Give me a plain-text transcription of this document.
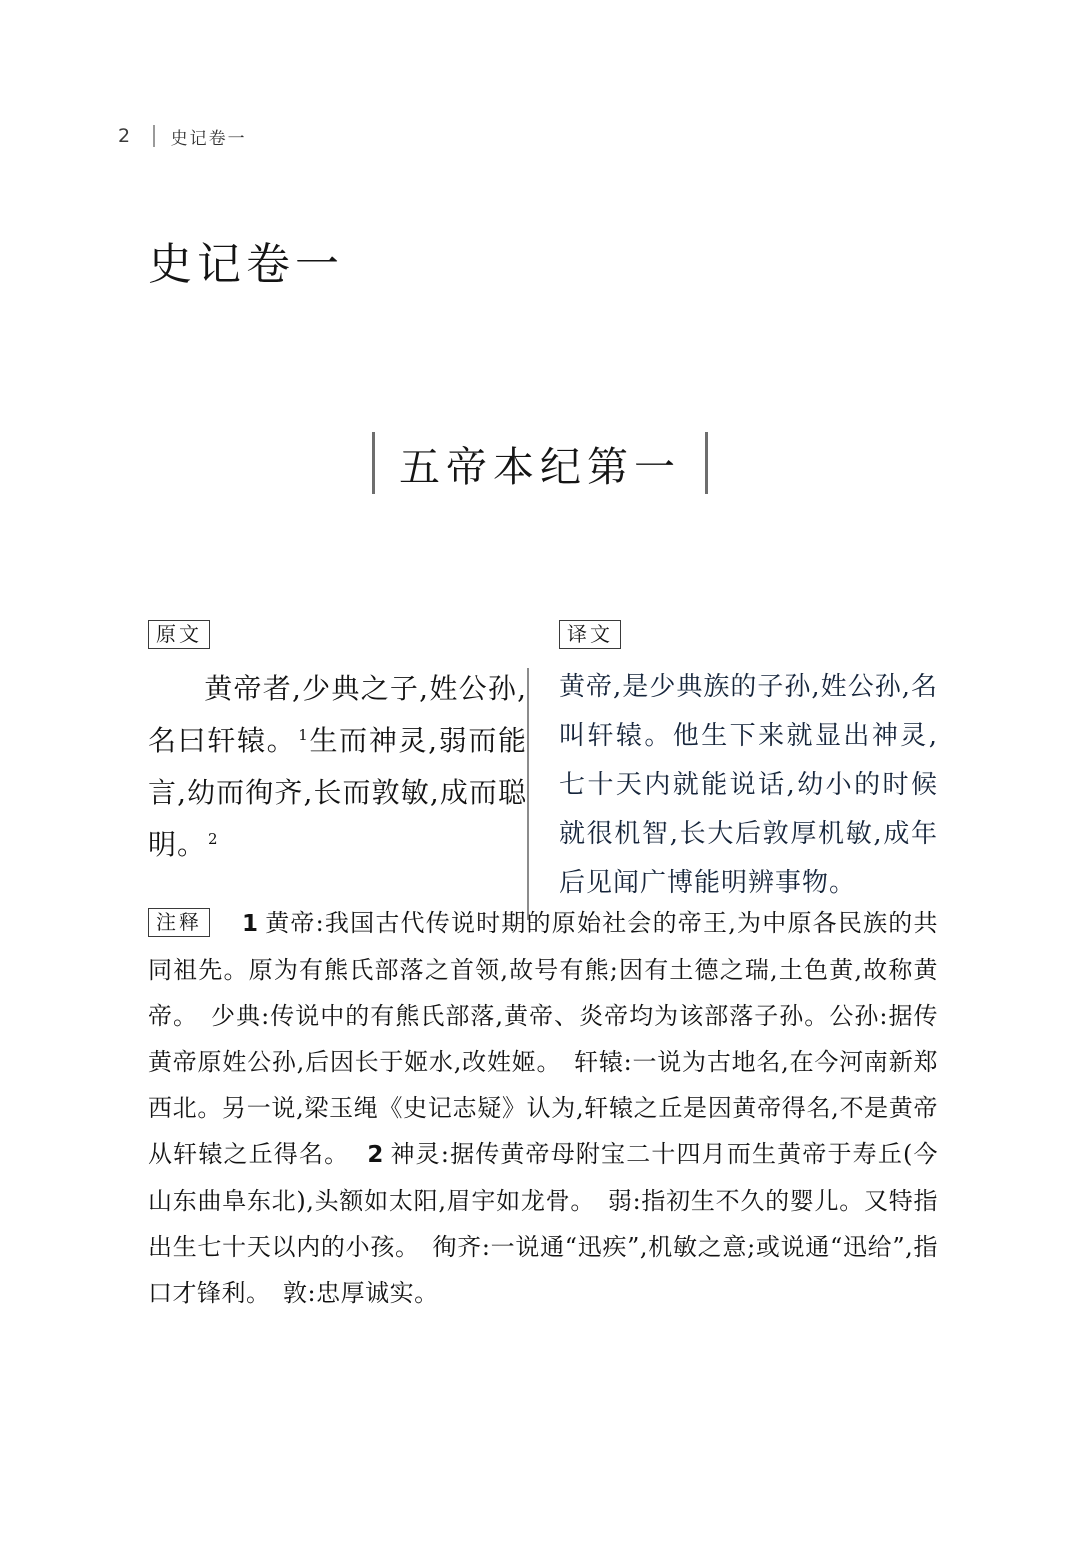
2 史记卷一
史记卷一
五帝本纪第一
原文
黄帝者,少典之子,姓公孙,名曰轩辕。 $^1$生而神灵,弱而能言,幼而徇齐,长而敦敏,成而聪明。 $^2$
译文
黄帝,是少典族的子孙,姓公孙,名叫轩辕。他生下来就显出神灵,七十天内就能说话,幼小的时候就很机智,长大后敦厚机敏,成年后见闻广博能明辨事物。
注释 1 黄帝:我国古代传说时期的原始社会的帝王,为中原各民族的共同祖先。原为有熊氏部落之首领,故号有熊;因有土德之瑞,土色黄,故称黄帝。　少典:传说中的有熊氏部落,黄帝、炎帝均为该部落子孙。公孙:据传黄帝原姓公孙,后因长于姬水,改姓姬。　轩辕:一说为古地名,在今河南新郑西北。另一说,梁玉绳《史记志疑》认为,轩辕之丘是因黄帝得名,不是黄帝从轩辕之丘得名。 2 神灵:据传黄帝母附宝二十四月而生黄帝于寿丘(今山东曲阜东北),头额如太阳,眉宇如龙骨。　弱:指初生不久的婴儿。又特指出生七十天以内的小孩。　徇齐:一说通“迅疾”,机敏之意;或说通“迅给”,指口才锋利。　敦:忠厚诚实。
